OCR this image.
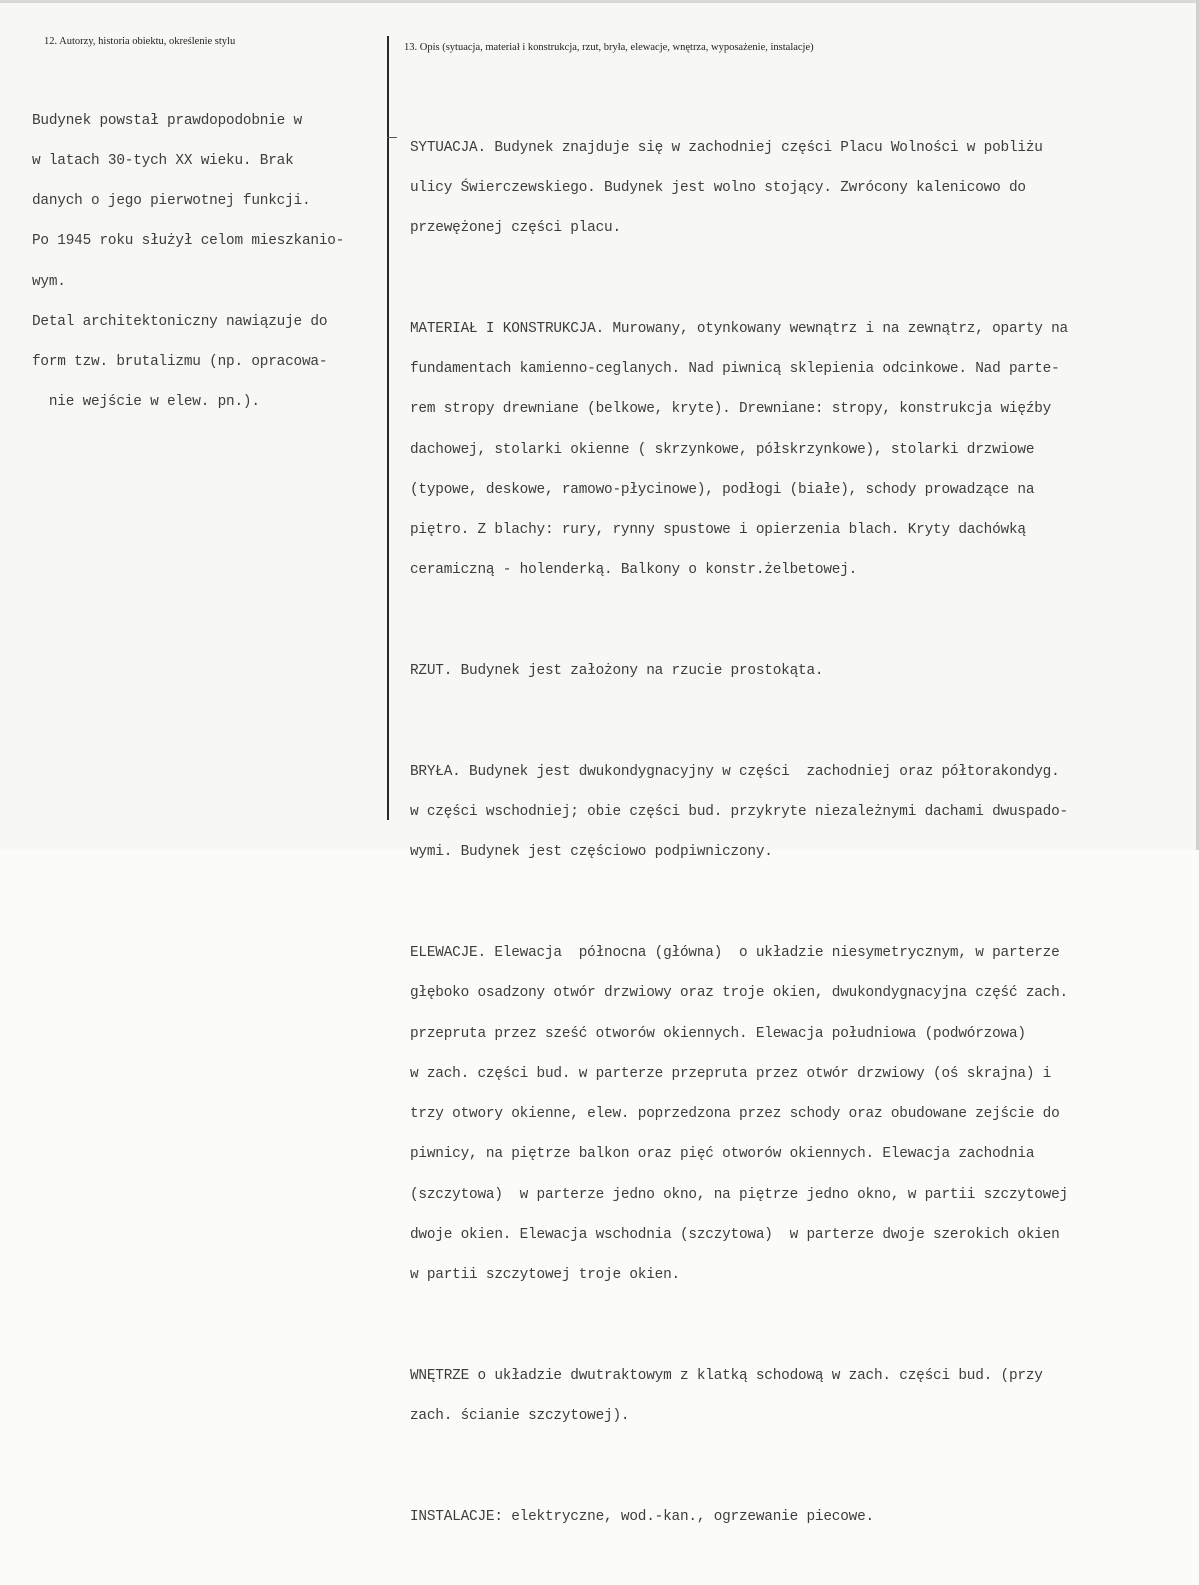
12. Autorzy, historia obiektu, określenie stylu
13. Opis (sytuacja, materiał i konstrukcja, rzut, bryła, elewacje, wnętrza, wyposażenie, instalacje)

Budynek powstał prawdopodobnie w

w latach 30-tych XX wieku. Brak

danych o jego pierwotnej funkcji.

Po 1945 roku służył celom mieszkanio-

wym.

Detal architektoniczny nawiązuje do

form tzw. brutalizmu (np. opracowa-

nie wejście w elew. pn.).

SYTUACJA. Budynek znajduje się w zachodniej części Placu Wolności w pobliżu

ulicy Świerczewskiego. Budynek jest wolno stojący. Zwrócony kalenicowo do

przewężonej części placu.

MATERIAŁ I KONSTRUKCJA. Murowany, otynkowany wewnątrz i na zewnątrz, oparty na

fundamentach kamienno-ceglanych. Nad piwnicą sklepienia odcinkowe. Nad parte-

rem stropy drewniane (belkowe, kryte). Drewniane: stropy, konstrukcja więźby

dachowej, stolarki okienne ( skrzynkowe, półskrzynkowe), stolarki drzwiowe

(typowe, deskowe, ramowo-płycinowe), podłogi (białe), schody prowadzące na

piętro. Z blachy: rury, rynny spustowe i opierzenia blach. Kryty dachówką

ceramiczną - holenderką. Balkony o konstr.żelbetowej.

RZUT. Budynek jest założony na rzucie prostokąta.

BRYŁA. Budynek jest dwukondygnacyjny w części  zachodniej oraz półtorakondyg.

w części wschodniej; obie części bud. przykryte niezależnymi dachami dwuspado-

wymi. Budynek jest częściowo podpiwniczony.

ELEWACJE. Elewacja  północna (główna)  o układzie niesymetrycznym, w parterze

głęboko osadzony otwór drzwiowy oraz troje okien, dwukondygnacyjna część zach.

przepruta przez sześć otworów okiennych. Elewacja południowa (podwórzowa)

w zach. części bud. w parterze przepruta przez otwór drzwiowy (oś skrajna) i

trzy otwory okienne, elew. poprzedzona przez schody oraz obudowane zejście do

piwnicy, na piętrze balkon oraz pięć otworów okiennych. Elewacja zachodnia

(szczytowa)  w parterze jedno okno, na piętrze jedno okno, w partii szczytowej

dwoje okien. Elewacja wschodnia (szczytowa)  w parterze dwoje szerokich okien

w partii szczytowej troje okien.

WNĘTRZE o układzie dwutraktowym z klatką schodową w zach. części bud. (przy

zach. ścianie szczytowej).

INSTALACJE: elektryczne, wod.-kan., ogrzewanie piecowe.
